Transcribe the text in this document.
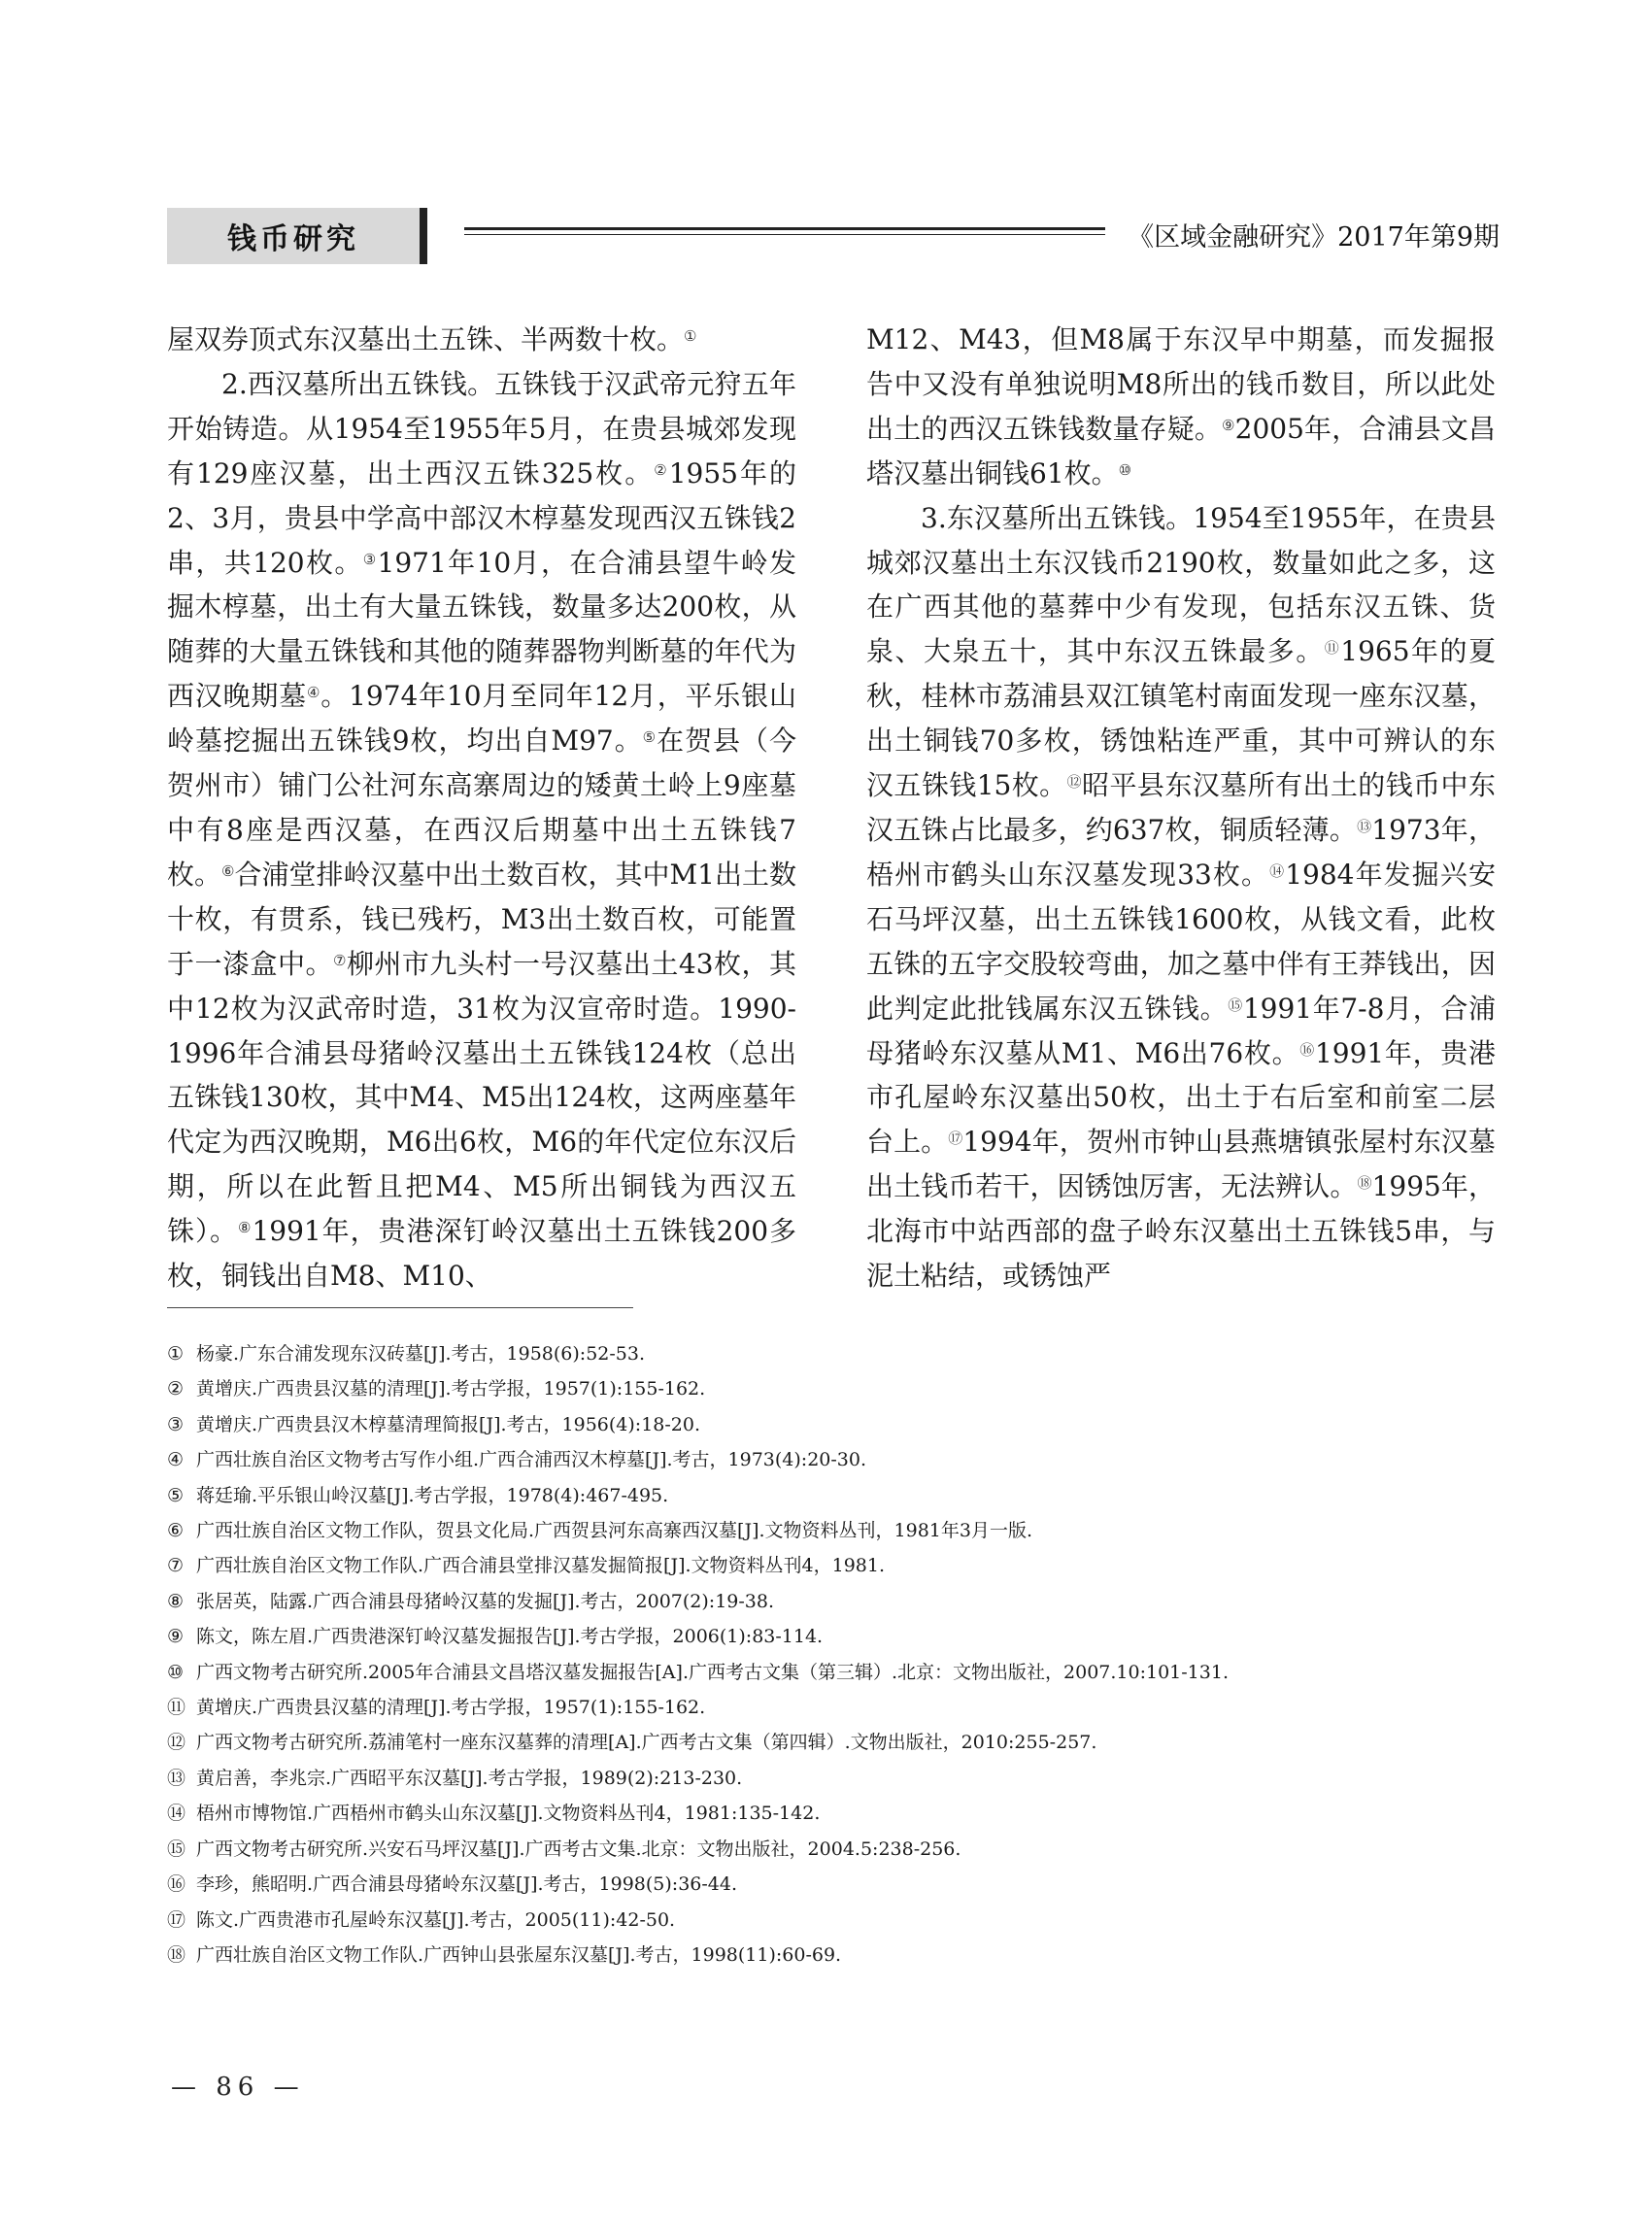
钱币研究	《区域金融研究》2017年第9期

屋双券顶式东汉墓出土五铢、半两数十枚。①

2.西汉墓所出五铢钱。五铢钱于汉武帝元狩五年开始铸造。从1954至1955年5月，在贵县城郊发现有129座汉墓，出土西汉五铢325枚。②1955年的2、3月，贵县中学高中部汉木椁墓发现西汉五铢钱2串，共120枚。③1971年10月，在合浦县望牛岭发掘木椁墓，出土有大量五铢钱，数量多达200枚，从随葬的大量五铢钱和其他的随葬器物判断墓的年代为西汉晚期墓④。1974年10月至同年12月，平乐银山岭墓挖掘出五铢钱9枚，均出自M97。⑤在贺县（今贺州市）铺门公社河东高寨周边的矮黄土岭上9座墓中有8座是西汉墓，在西汉后期墓中出土五铢钱7枚。⑥合浦堂排岭汉墓中出土数百枚，其中M1出土数十枚，有贯系，钱已残朽，M3出土数百枚，可能置于一漆盒中。⑦柳州市九头村一号汉墓出土43枚，其中12枚为汉武帝时造，31枚为汉宣帝时造。1990-1996年合浦县母猪岭汉墓出土五铢钱124枚（总出五铢钱130枚，其中M4、M5出124枚，这两座墓年代定为西汉晚期，M6出6枚，M6的年代定位东汉后期，所以在此暂且把M4、M5所出铜钱为西汉五铢）。⑧1991年，贵港深钉岭汉墓出土五铢钱200多枚，铜钱出自M8、M10、

M12、M43，但M8属于东汉早中期墓，而发掘报告中又没有单独说明M8所出的钱币数目，所以此处出土的西汉五铢钱数量存疑。⑨2005年，合浦县文昌塔汉墓出铜钱61枚。⑩

3.东汉墓所出五铢钱。1954至1955年，在贵县城郊汉墓出土东汉钱币2190枚，数量如此之多，这在广西其他的墓葬中少有发现，包括东汉五铢、货泉、大泉五十，其中东汉五铢最多。⑪1965年的夏秋，桂林市荔浦县双江镇笔村南面发现一座东汉墓，出土铜钱70多枚，锈蚀粘连严重，其中可辨认的东汉五铢钱15枚。⑫昭平县东汉墓所有出土的钱币中东汉五铢占比最多，约637枚，铜质轻薄。⑬1973年，梧州市鹤头山东汉墓发现33枚。⑭1984年发掘兴安石马坪汉墓，出土五铢钱1600枚，从钱文看，此枚五铢的五字交股较弯曲，加之墓中伴有王莽钱出，因此判定此批钱属东汉五铢钱。⑮1991年7-8月，合浦母猪岭东汉墓从M1、M6出76枚。⑯1991年，贵港市孔屋岭东汉墓出50枚，出土于右后室和前室二层台上。⑰1994年，贺州市钟山县燕塘镇张屋村东汉墓出土钱币若干，因锈蚀厉害，无法辨认。⑱1995年，北海市中站西部的盘子岭东汉墓出土五铢钱5串，与泥土粘结，或锈蚀严

① 杨豪.广东合浦发现东汉砖墓[J].考古，1958(6):52-53.
② 黄增庆.广西贵县汉墓的清理[J].考古学报，1957(1):155-162.
③ 黄增庆.广西贵县汉木椁墓清理简报[J].考古，1956(4):18-20.
④ 广西壮族自治区文物考古写作小组.广西合浦西汉木椁墓[J].考古，1973(4):20-30.
⑤ 蒋廷瑜.平乐银山岭汉墓[J].考古学报，1978(4):467-495.
⑥ 广西壮族自治区文物工作队，贺县文化局.广西贺县河东高寨西汉墓[J].文物资料丛刊，1981年3月一版.
⑦ 广西壮族自治区文物工作队.广西合浦县堂排汉墓发掘简报[J].文物资料丛刊4，1981.
⑧ 张居英，陆露.广西合浦县母猪岭汉墓的发掘[J].考古，2007(2):19-38.
⑨ 陈文，陈左眉.广西贵港深钉岭汉墓发掘报告[J].考古学报，2006(1):83-114.
⑩ 广西文物考古研究所.2005年合浦县文昌塔汉墓发掘报告[A].广西考古文集（第三辑）.北京：文物出版社，2007.10:101-131.
⑪ 黄增庆.广西贵县汉墓的清理[J].考古学报，1957(1):155-162.
⑫ 广西文物考古研究所.荔浦笔村一座东汉墓葬的清理[A].广西考古文集（第四辑）.文物出版社，2010:255-257.
⑬ 黄启善，李兆宗.广西昭平东汉墓[J].考古学报，1989(2):213-230.
⑭ 梧州市博物馆.广西梧州市鹤头山东汉墓[J].文物资料丛刊4，1981:135-142.
⑮ 广西文物考古研究所.兴安石马坪汉墓[J].广西考古文集.北京：文物出版社，2004.5:238-256.
⑯ 李珍，熊昭明.广西合浦县母猪岭东汉墓[J].考古，1998(5):36-44.
⑰ 陈文.广西贵港市孔屋岭东汉墓[J].考古，2005(11):42-50.
⑱ 广西壮族自治区文物工作队.广西钟山县张屋东汉墓[J].考古，1998(11):60-69.
— 86 —
